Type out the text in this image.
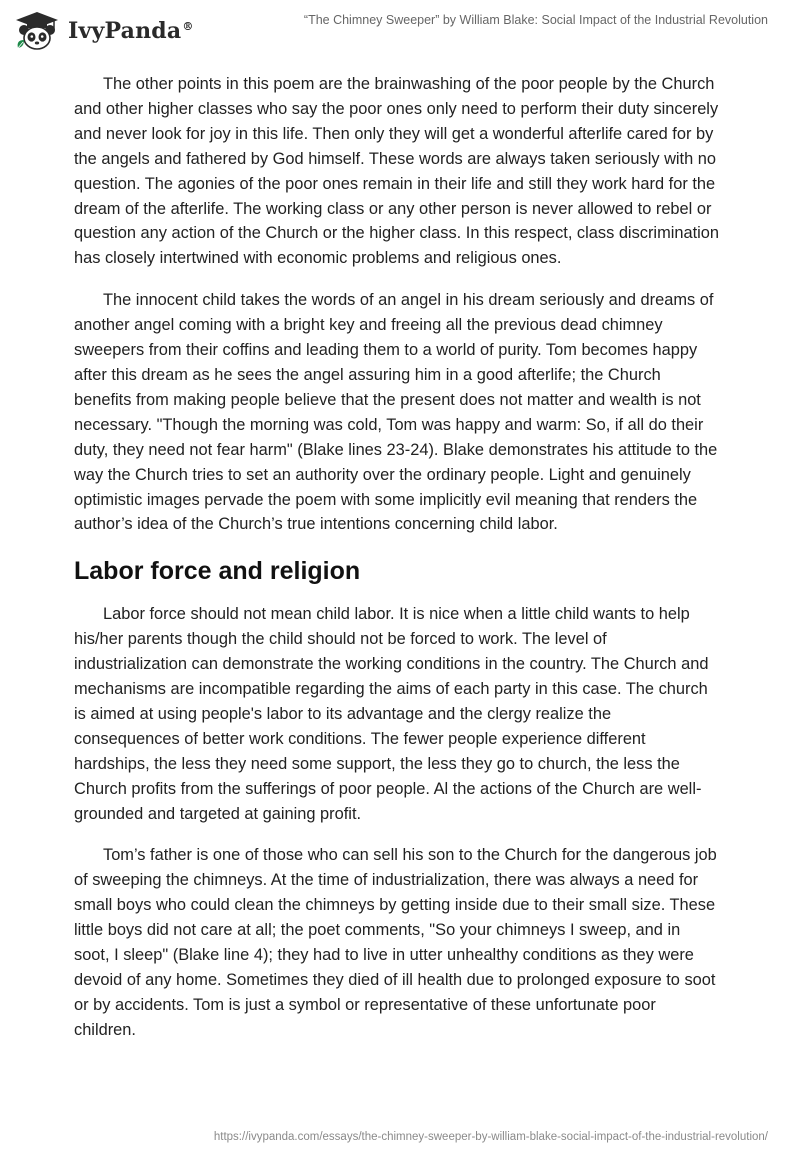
IvyPanda®	“The Chimney Sweeper” by William Blake: Social Impact of the Industrial Revolution

The other points in this poem are the brainwashing of the poor people by the Church and other higher classes who say the poor ones only need to perform their duty sincerely and never look for joy in this life. Then only they will get a wonderful afterlife cared for by the angels and fathered by God himself. These words are always taken seriously with no question. The agonies of the poor ones remain in their life and still they work hard for the dream of the afterlife. The working class or any other person is never allowed to rebel or question any action of the Church or the higher class. In this respect, class discrimination has closely intertwined with economic problems and religious ones.

The innocent child takes the words of an angel in his dream seriously and dreams of another angel coming with a bright key and freeing all the previous dead chimney sweepers from their coffins and leading them to a world of purity. Tom becomes happy after this dream as he sees the angel assuring him in a good afterlife; the Church benefits from making people believe that the present does not matter and wealth is not necessary. "Though the morning was cold, Tom was happy and warm: So, if all do their duty, they need not fear harm" (Blake lines 23-24). Blake demonstrates his attitude to the way the Church tries to set an authority over the ordinary people. Light and genuinely optimistic images pervade the poem with some implicitly evil meaning that renders the author’s idea of the Church’s true intentions concerning child labor.

Labor force and religion

Labor force should not mean child labor. It is nice when a little child wants to help his/her parents though the child should not be forced to work. The level of industrialization can demonstrate the working conditions in the country. The Church and mechanisms are incompatible regarding the aims of each party in this case. The church is aimed at using people's labor to its advantage and the clergy realize the consequences of better work conditions. The fewer people experience different hardships, the less they need some support, the less they go to church, the less the Church profits from the sufferings of poor people. Al the actions of the Church are well-grounded and targeted at gaining profit.

Tom’s father is one of those who can sell his son to the Church for the dangerous job of sweeping the chimneys. At the time of industrialization, there was always a need for small boys who could clean the chimneys by getting inside due to their small size. These little boys did not care at all; the poet comments, "So your chimneys I sweep, and in soot, I sleep" (Blake line 4); they had to live in utter unhealthy conditions as they were devoid of any home. Sometimes they died of ill health due to prolonged exposure to soot or by accidents. Tom is just a symbol or representative of these unfortunate poor children.

https://ivypanda.com/essays/the-chimney-sweeper-by-william-blake-social-impact-of-the-industrial-revolution/
